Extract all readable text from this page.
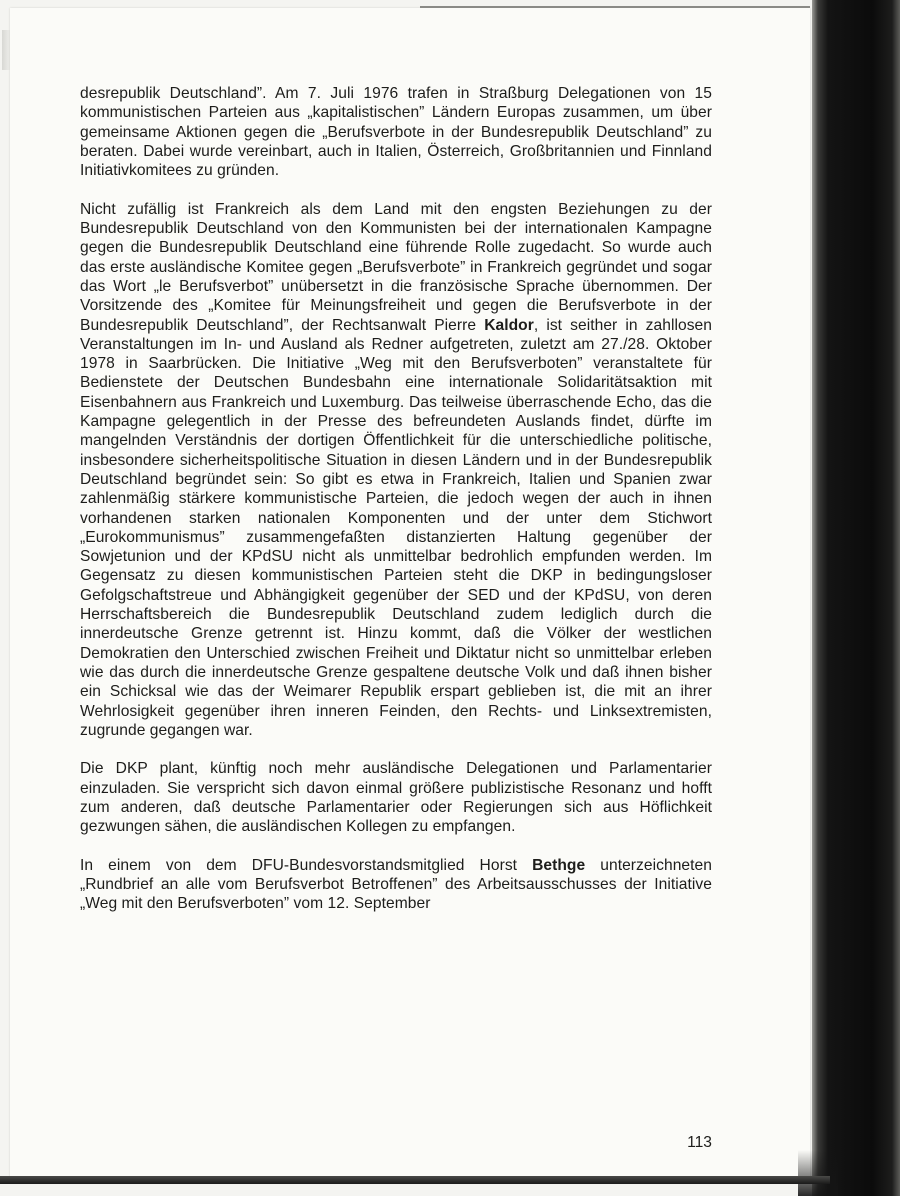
desrepublik Deutschland”. Am 7. Juli 1976 trafen in Straßburg Delegationen von 15 kommunistischen Parteien aus „kapitalistischen” Ländern Europas zusammen, um über gemeinsame Aktionen gegen die „Berufsverbote in der Bundesrepublik Deutschland” zu beraten. Dabei wurde vereinbart, auch in Italien, Österreich, Großbritannien und Finnland Initiativkomitees zu gründen.

Nicht zufällig ist Frankreich als dem Land mit den engsten Beziehungen zu der Bundesrepublik Deutschland von den Kommunisten bei der internationalen Kampagne gegen die Bundesrepublik Deutschland eine führende Rolle zugedacht. So wurde auch das erste ausländische Komitee gegen „Berufsverbote” in Frankreich gegründet und sogar das Wort „le Berufsverbot” unübersetzt in die französische Sprache übernommen. Der Vorsitzende des „Komitee für Meinungsfreiheit und gegen die Berufsverbote in der Bundesrepublik Deutschland”, der Rechtsanwalt Pierre Kaldor, ist seither in zahllosen Veranstaltungen im In- und Ausland als Redner aufgetreten, zuletzt am 27./28. Oktober 1978 in Saarbrücken. Die Initiative „Weg mit den Berufsverboten” veranstaltete für Bedienstete der Deutschen Bundesbahn eine internationale Solidaritätsaktion mit Eisenbahnern aus Frankreich und Luxemburg. Das teilweise überraschende Echo, das die Kampagne gelegentlich in der Presse des befreundeten Auslands findet, dürfte im mangelnden Verständnis der dortigen Öffentlichkeit für die unterschiedliche politische, insbesondere sicherheitspolitische Situation in diesen Ländern und in der Bundesrepublik Deutschland begründet sein: So gibt es etwa in Frankreich, Italien und Spanien zwar zahlenmäßig stärkere kommunistische Parteien, die jedoch wegen der auch in ihnen vorhandenen starken nationalen Komponenten und der unter dem Stichwort „Eurokommunismus” zusammengefaßten distanzierten Haltung gegenüber der Sowjetunion und der KPdSU nicht als unmittelbar bedrohlich empfunden werden. Im Gegensatz zu diesen kommunistischen Parteien steht die DKP in bedingungsloser Gefolgschaftstreue und Abhängigkeit gegenüber der SED und der KPdSU, von deren Herrschaftsbereich die Bundesrepublik Deutschland zudem lediglich durch die innerdeutsche Grenze getrennt ist. Hinzu kommt, daß die Völker der westlichen Demokratien den Unterschied zwischen Freiheit und Diktatur nicht so unmittelbar erleben wie das durch die innerdeutsche Grenze gespaltene deutsche Volk und daß ihnen bisher ein Schicksal wie das der Weimarer Republik erspart geblieben ist, die mit an ihrer Wehrlosigkeit gegenüber ihren inneren Feinden, den Rechts- und Linksextremisten, zugrunde gegangen war.

Die DKP plant, künftig noch mehr ausländische Delegationen und Parlamentarier einzuladen. Sie verspricht sich davon einmal größere publizistische Resonanz und hofft zum anderen, daß deutsche Parlamentarier oder Regierungen sich aus Höflichkeit gezwungen sähen, die ausländischen Kollegen zu empfangen.

In einem von dem DFU-Bundesvorstandsmitglied Horst Bethge unterzeichneten „Rundbrief an alle vom Berufsverbot Betroffenen” des Arbeitsausschusses der Initiative „Weg mit den Berufsverboten” vom 12. September

113
